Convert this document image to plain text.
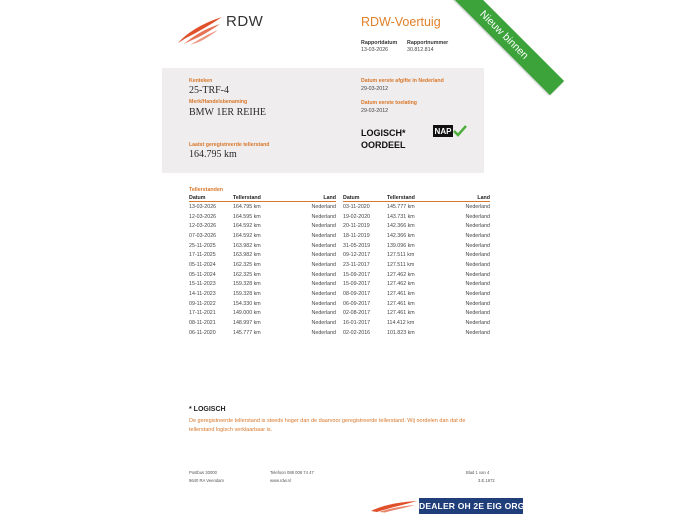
RDW	RDW-Voertuig
Rapportdatum
13-03-2026
Rapportnummer
30.812.814	Nieuw binnen
Kenteken
25-TRF-4
Merk/Handelsbenaming
BMW 1ER REIHE
Laatst geregistreerde tellerstand
164.795 km
Datum eerste afgifte in Nederland
29-03-2012
Datum eerste toelating
29-03-2012
LOGISCH*
OORDEEL
NAP
Tellerstanden
Datum	Tellerstand	Land
13-03-2026	164.795 km	Nederland
12-03-2026	164.595 km	Nederland
12-03-2026	164.592 km	Nederland
07-03-2026	164.592 km	Nederland
25-11-2025	163.982 km	Nederland
17-11-2025	163.982 km	Nederland
05-11-2024	162.325 km	Nederland
05-11-2024	162.325 km	Nederland
15-11-2023	159.328 km	Nederland
14-11-2023	159.328 km	Nederland
09-11-2022	154.330 km	Nederland
17-11-2021	149.000 km	Nederland
08-11-2021	148.997 km	Nederland
06-11-2020	145.777 km	Nederland
Datum	Tellerstand	Land
03-11-2020	145.777 km	Nederland
19-02-2020	143.731 km	Nederland
20-11-2019	142.366 km	Nederland
18-11-2019	142.366 km	Nederland
31-05-2019	139.096 km	Nederland
09-12-2017	127.511 km	Nederland
23-11-2017	127.511 km	Nederland
15-09-2017	127.462 km	Nederland
15-09-2017	127.462 km	Nederland
08-09-2017	127.461 km	Nederland
06-09-2017	127.461 km	Nederland
02-08-2017	127.461 km	Nederland
16-01-2017	114.412 km	Nederland
02-02-2016	101.823 km	Nederland
* LOGISCH
De geregistreerde tellerstand is steeds hoger dan de daarvoor geregistreerde tellerstand. Wij oordelen dan dat de tellerstand logisch verklaarbaar is.
Postbus 30000
9640 RA Veendam
Telefoon 088 008 74 47
www.rdw.nl
Blad 1 van 4
3.E.1672
DEALER OH 2E EIG ORG NL
